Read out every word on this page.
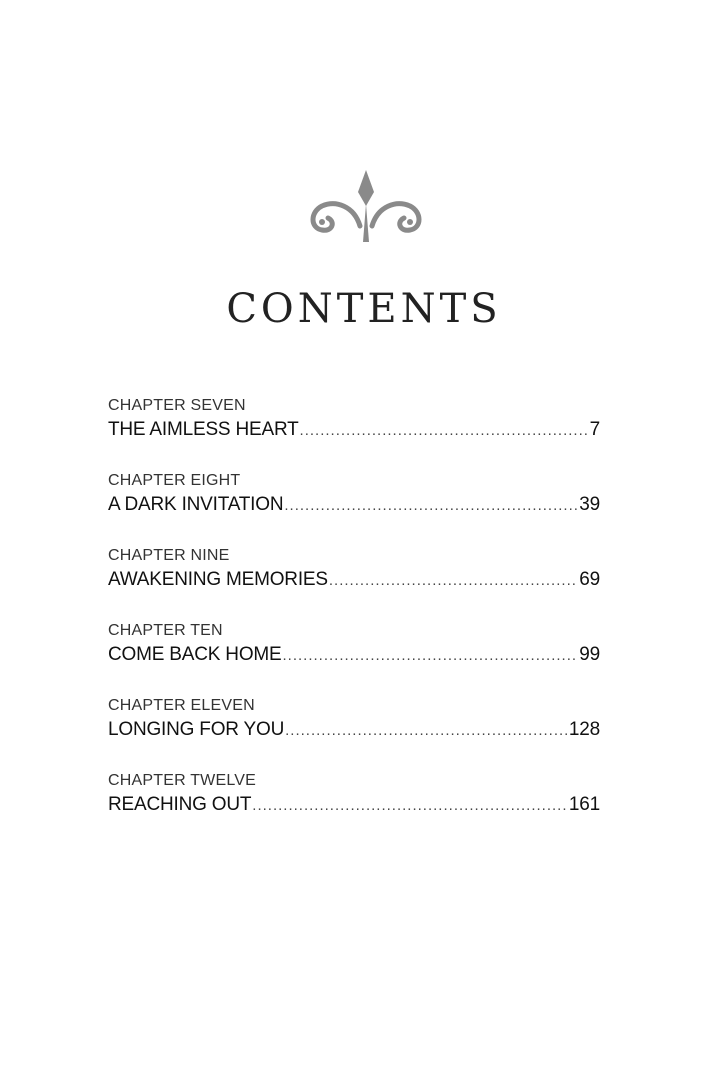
CONTENTS
CHAPTER SEVEN
THE AIMLESS HEART .....	7
CHAPTER EIGHT
A DARK INVITATION .....	39
CHAPTER NINE
AWAKENING MEMORIES .....	69
CHAPTER TEN
COME BACK HOME .....	99
CHAPTER ELEVEN
LONGING FOR YOU .....	128
CHAPTER TWELVE
REACHING OUT .....	161
